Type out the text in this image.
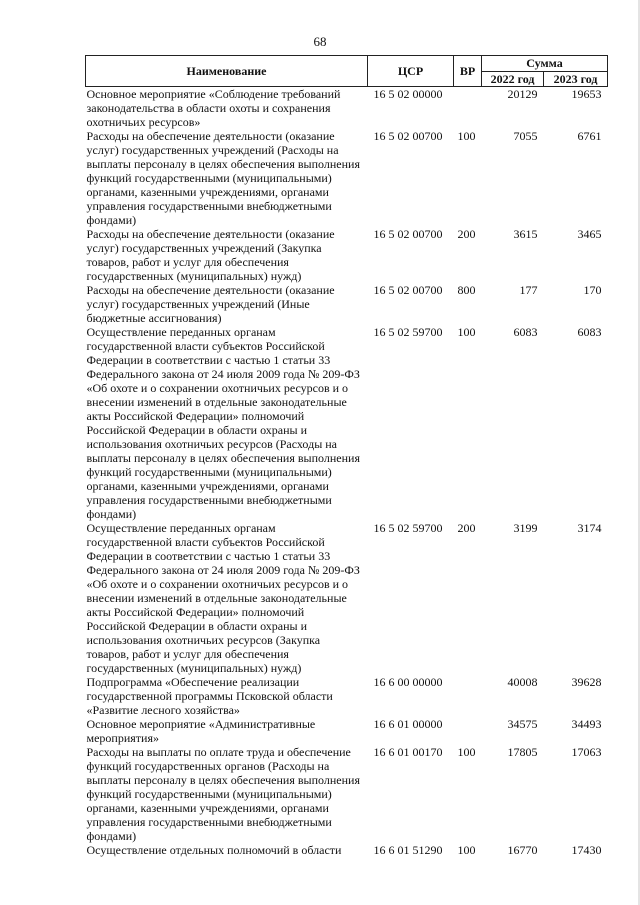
68
Наименование	ЦСР	ВР	Сумма	
			2022 год	2023 год
Основное мероприятие «Соблюдение требований законодательства в области охоты и сохранения охотничьих ресурсов»	16 5 02 00000		20129	19653
Расходы на обеспечение деятельности (оказание услуг) государственных учреждений (Расходы на выплаты персоналу в целях обеспечения выполнения функций государственными (муниципальными) органами, казенными учреждениями, органами управления государственными внебюджетными фондами)	16 5 02 00700	100	7055	6761
Расходы на обеспечение деятельности (оказание услуг) государственных учреждений (Закупка товаров, работ и услуг для обеспечения государственных (муниципальных) нужд)	16 5 02 00700	200	3615	3465
Расходы на обеспечение деятельности (оказание услуг) государственных учреждений (Иные бюджетные ассигнования)	16 5 02 00700	800	177	170
Осуществление переданных органам государственной власти субъектов Российской Федерации в соответствии с частью 1 статьи 33 Федерального закона от 24 июля 2009 года № 209-ФЗ «Об охоте и о сохранении охотничьих ресурсов и о внесении изменений в отдельные законодательные акты Российской Федерации» полномочий Российской Федерации в области охраны и использования охотничьих ресурсов (Расходы на выплаты персоналу в целях обеспечения выполнения функций государственными (муниципальными) органами, казенными учреждениями, органами управления государственными внебюджетными фондами)	16 5 02 59700	100	6083	6083
Осуществление переданных органам государственной власти субъектов Российской Федерации в соответствии с частью 1 статьи 33 Федерального закона от 24 июля 2009 года № 209-ФЗ «Об охоте и о сохранении охотничьих ресурсов и о внесении изменений в отдельные законодательные акты Российской Федерации» полномочий Российской Федерации в области охраны и использования охотничьих ресурсов (Закупка товаров, работ и услуг для обеспечения государственных (муниципальных) нужд)	16 5 02 59700	200	3199	3174
Подпрограмма «Обеспечение реализации государственной программы Псковской области «Развитие лесного хозяйства»	16 6 00 00000		40008	39628
Основное мероприятие «Административные мероприятия»	16 6 01 00000		34575	34493
Расходы на выплаты по оплате труда и обеспечение функций государственных органов (Расходы на выплаты персоналу в целях обеспечения выполнения функций государственными (муниципальными) органами, казенными учреждениями, органами управления государственными внебюджетными фондами)	16 6 01 00170	100	17805	17063
Осуществление отдельных полномочий в области	16 6 01 51290	100	16770	17430
